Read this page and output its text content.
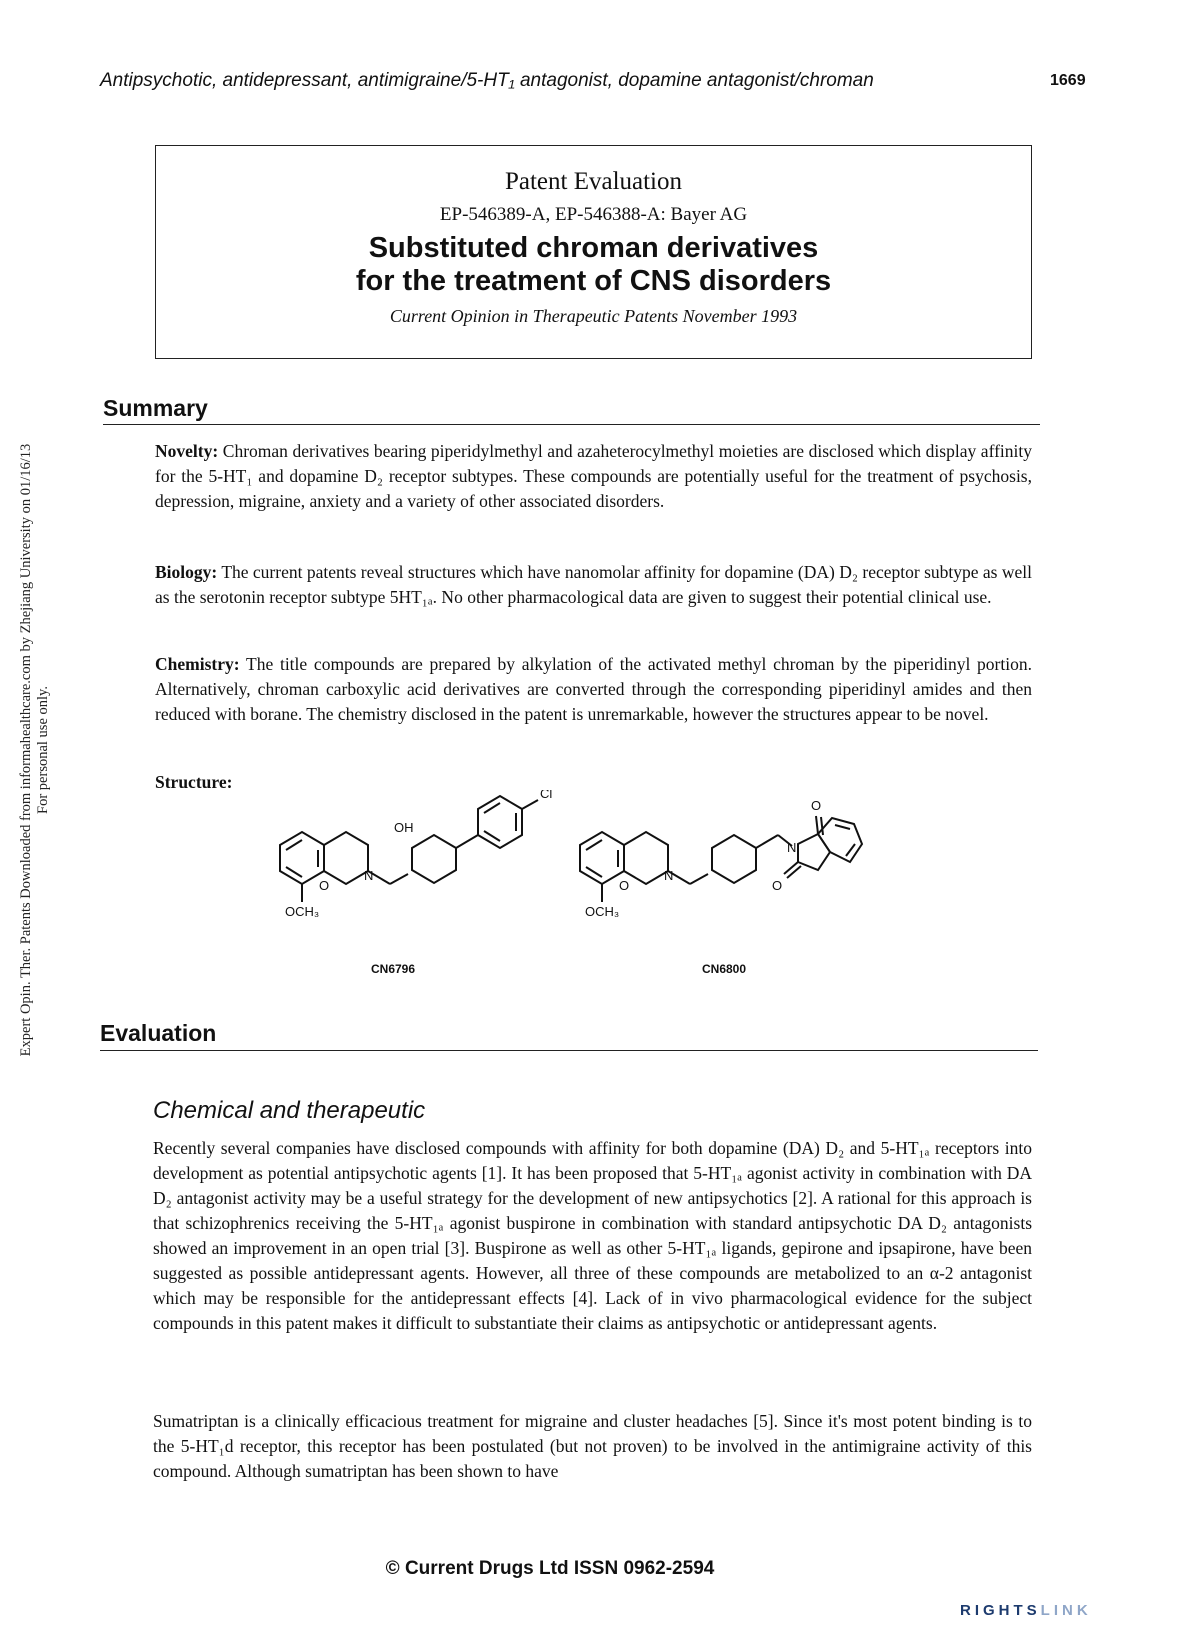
Antipsychotic, antidepressant, antimigraine/5-HT₁ antagonist, dopamine antagonist/chroman	1669
Expert Opin. Ther. Patents Downloaded from informahealthcare.com by Zhejiang University on 01/16/13 For personal use only.
Patent Evaluation
EP-546389-A, EP-546388-A: Bayer AG
Substituted chroman derivatives
for the treatment of CNS disorders
Current Opinion in Therapeutic Patents November 1993
Summary
Novelty: Chroman derivatives bearing piperidylmethyl and azaheterocylmethyl moieties are disclosed which display affinity for the 5-HT₁ and dopamine D₂ receptor subtypes. These compounds are potentially useful for the treatment of psychosis, depression, migraine, anxiety and a variety of other associated disorders.
Biology: The current patents reveal structures which have nanomolar affinity for dopamine (DA) D₂ receptor subtype as well as the serotonin receptor subtype 5HT₁ₐ. No other pharmacological data are given to suggest their potential clinical use.
Chemistry: The title compounds are prepared by alkylation of the activated methyl chroman by the piperidinyl portion. Alternatively, chroman carboxylic acid derivatives are converted through the corresponding piperidinyl amides and then reduced with borane. The chemistry disclosed in the patent is unremarkable, however the structures appear to be novel.
Structure:
OH
Cl
N
O
OCH₃
N
O
OCH₃
N
O
O
CN6796	CN6800
Evaluation
Chemical and therapeutic
Recently several companies have disclosed compounds with affinity for both dopamine (DA) D₂ and 5-HT₁ₐ receptors into development as potential antipsychotic agents [1]. It has been proposed that 5-HT₁ₐ agonist activity in combination with DA D₂ antagonist activity may be a useful strategy for the development of new antipsychotics [2]. A rational for this approach is that schizophrenics receiving the 5-HT₁ₐ agonist buspirone in combination with standard antipsychotic DA D₂ antagonists showed an improvement in an open trial [3]. Buspirone as well as other 5-HT₁ₐ ligands, gepirone and ipsapirone, have been suggested as possible antidepressant agents. However, all three of these compounds are metabolized to an α-2 antagonist which may be responsible for the antidepressant effects [4]. Lack of in vivo pharmacological evidence for the subject compounds in this patent makes it difficult to substantiate their claims as antipsychotic or antidepressant agents.
Sumatriptan is a clinically efficacious treatment for migraine and cluster headaches [5]. Since it's most potent binding is to the 5-HT₁d receptor, this receptor has been postulated (but not proven) to be involved in the antimigraine activity of this compound. Although sumatriptan has been shown to have
© Current Drugs Ltd ISSN 0962-2594
RIGHTSLINK
